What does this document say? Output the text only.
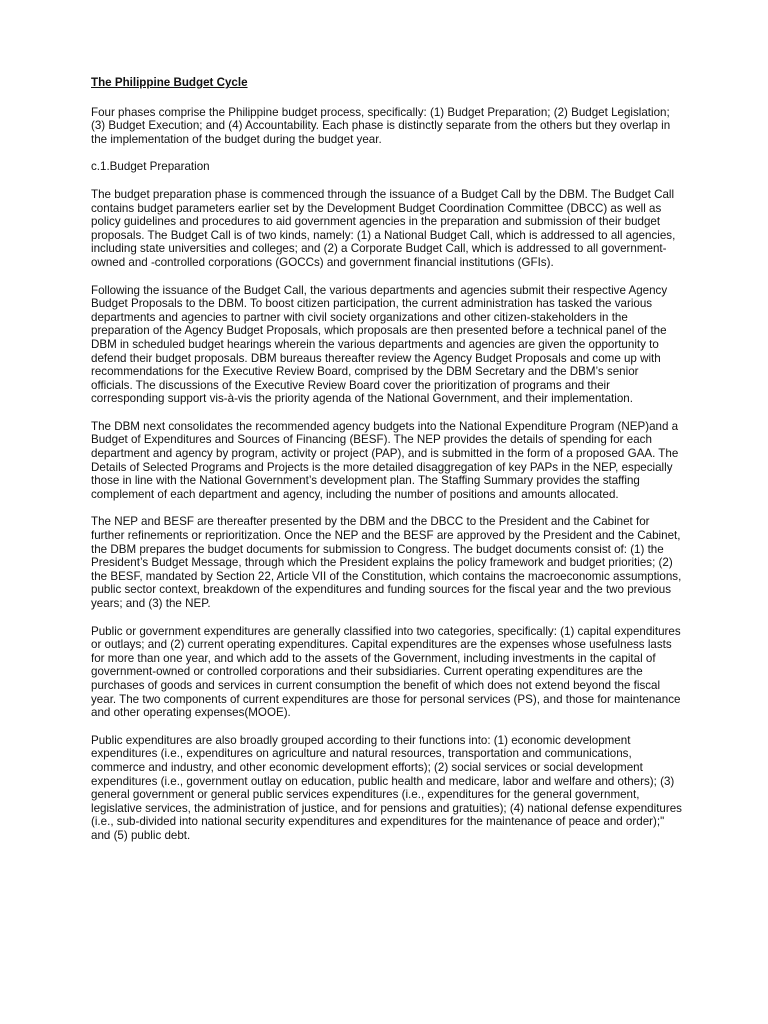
The Philippine Budget Cycle
Four phases comprise the Philippine budget process, specifically: (1) Budget Preparation; (2) Budget Legislation; (3) Budget Execution; and (4) Accountability. Each phase is distinctly separate from the others but they overlap in the implementation of the budget during the budget year.
c.1.Budget Preparation
The budget preparation phase is commenced through the issuance of a Budget Call by the DBM. The Budget Call contains budget parameters earlier set by the Development Budget Coordination Committee (DBCC) as well as policy guidelines and procedures to aid government agencies in the preparation and submission of their budget proposals. The Budget Call is of two kinds, namely: (1) a National Budget Call, which is addressed to all agencies, including state universities and colleges; and (2) a Corporate Budget Call, which is addressed to all government-owned and -controlled corporations (GOCCs) and government financial institutions (GFIs).
Following the issuance of the Budget Call, the various departments and agencies submit their respective Agency Budget Proposals to the DBM. To boost citizen participation, the current administration has tasked the various departments and agencies to partner with civil society organizations and other citizen-stakeholders in the preparation of the Agency Budget Proposals, which proposals are then presented before a technical panel of the DBM in scheduled budget hearings wherein the various departments and agencies are given the opportunity to defend their budget proposals. DBM bureaus thereafter review the Agency Budget Proposals and come up with recommendations for the Executive Review Board, comprised by the DBM Secretary and the DBM’s senior officials. The discussions of the Executive Review Board cover the prioritization of programs and their corresponding support vis-à-vis the priority agenda of the National Government, and their implementation.
The DBM next consolidates the recommended agency budgets into the National Expenditure Program (NEP)and a Budget of Expenditures and Sources of Financing (BESF). The NEP provides the details of spending for each department and agency by program, activity or project (PAP), and is submitted in the form of a proposed GAA. The Details of Selected Programs and Projects is the more detailed disaggregation of key PAPs in the NEP, especially those in line with the National Government’s development plan. The Staffing Summary provides the staffing complement of each department and agency, including the number of positions and amounts allocated.
The NEP and BESF are thereafter presented by the DBM and the DBCC to the President and the Cabinet for further refinements or reprioritization. Once the NEP and the BESF are approved by the President and the Cabinet, the DBM prepares the budget documents for submission to Congress. The budget documents consist of: (1) the President’s Budget Message, through which the President explains the policy framework and budget priorities; (2) the BESF, mandated by Section 22, Article VII of the Constitution, which contains the macroeconomic assumptions, public sector context, breakdown of the expenditures and funding sources for the fiscal year and the two previous years; and (3) the NEP.
Public or government expenditures are generally classified into two categories, specifically: (1) capital expenditures or outlays; and (2) current operating expenditures. Capital expenditures are the expenses whose usefulness lasts for more than one year, and which add to the assets of the Government, including investments in the capital of government-owned or controlled corporations and their subsidiaries. Current operating expenditures are the purchases of goods and services in current consumption the benefit of which does not extend beyond the fiscal year. The two components of current expenditures are those for personal services (PS), and those for maintenance and other operating expenses(MOOE).
Public expenditures are also broadly grouped according to their functions into: (1) economic development expenditures (i.e., expenditures on agriculture and natural resources, transportation and communications, commerce and industry, and other economic development efforts); (2) social services or social development expenditures (i.e., government outlay on education, public health and medicare, labor and welfare and others); (3) general government or general public services expenditures (i.e., expenditures for the general government, legislative services, the administration of justice, and for pensions and gratuities); (4) national defense expenditures (i.e., sub-divided into national security expenditures and expenditures for the maintenance of peace and order);" and (5) public debt.
